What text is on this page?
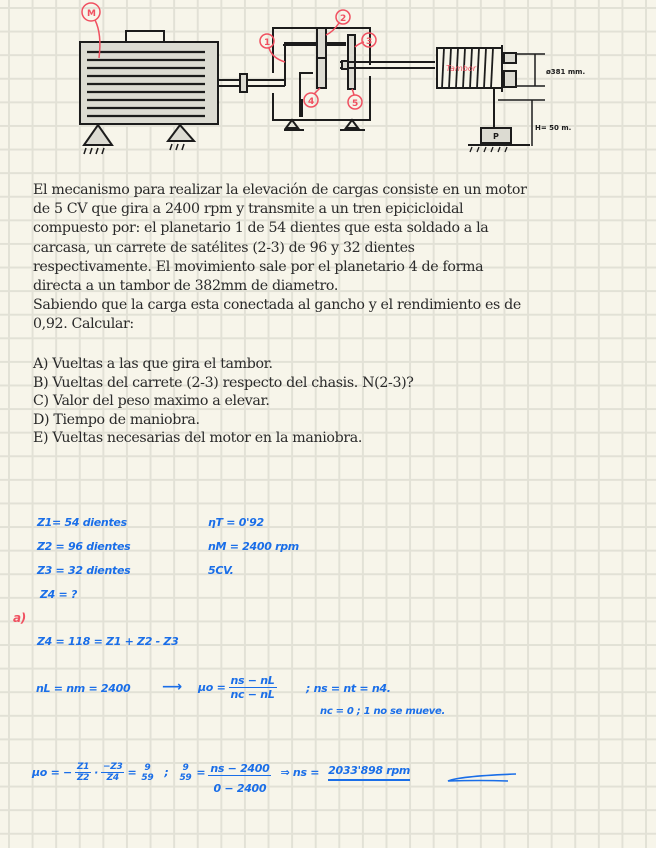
M
1
2
3
4	5
Tambor	ø381 mm.
H= 50 m.
P
El mecanismo para realizar la elevación de cargas consiste en un motor
de 5 CV que gira a 2400 rpm y transmite a un tren epicicloidal
compuesto por: el planetario 1 de 54 dientes que esta soldado a la
carcasa, un carrete de satélites (2-3) de 96 y 32 dientes
respectivamente. El movimiento sale por el planetario 4 de forma
directa a un tambor de 382mm de diametro.
Sabiendo que la carga esta conectada al gancho y el rendimiento es de
0,92. Calcular:
A) Vueltas a las que gira el tambor.
B) Vueltas del carrete (2-3) respecto del chasis. N(2-3)?
C) Valor del peso maximo a elevar.
D) Tiempo de maniobra.
E) Vueltas necesarias del motor en la maniobra.
Z1= 54 dientes
Z2 = 96 dientes
Z3 = 32 dientes
Z4 = ?
ηT = 0'92
nM = 2400 rpm
5CV.
a)
Z4 = 118 = Z1 + Z2 - Z3
nL = nm = 2400 ⟶ $\mu o = \frac{ns - nL}{nc - nL}$	; ns = nt = n4.
nc = 0 ; 1 no se mueve.
μo = − $\frac{Z1}{Z2} \cdot \frac{-Z3}{Z4} = 9$
59 ; 9
$59 = \frac{ns - 2400}{0 - 2400}$ ⇒ ns = 2033'898 rpm
